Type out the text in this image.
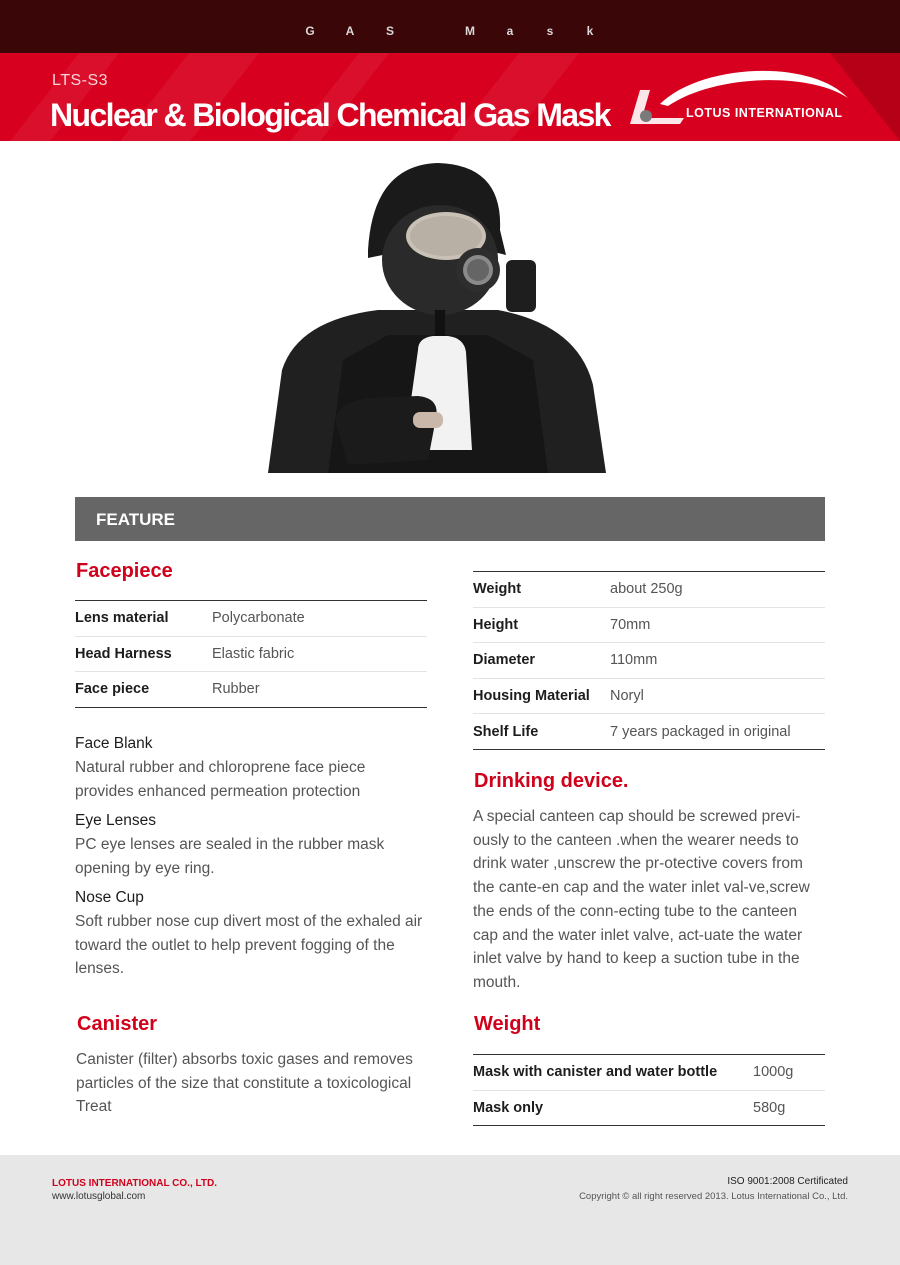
G	A	S	M	a	s	k
LTS-S3
Nuclear & Biological Chemical Gas Mask	LOTUS INTERNATIONAL
FEATURE
Facepiece
Lens material	Polycarbonate
Head Harness	Elastic fabric
Face piece	Rubber
Face Blank
Natural rubber and chloroprene face piece provides enhanced permeation protection
Eye Lenses
PC eye lenses are sealed in the rubber mask opening by eye ring.
Nose Cup
Soft rubber nose cup divert most of the exhaled air toward the outlet to help prevent fogging of the lenses.
Canister
Canister (filter) absorbs toxic gases and removes particles of the size that constitute a toxicological Treat
Weight	about 250g
Height	70mm
Diameter	110mm
Housing Material	Noryl
Shelf Life	7 years packaged in original
Drinking device.
A special canteen cap should be screwed previ-ously to the canteen .when the wearer needs to drink water ,unscrew the pr-otective covers from the cante-en cap and the water inlet val-ve,screw the ends of the conn-ecting tube to the canteen cap and the water inlet valve, act-uate the water inlet valve by hand to keep a suction tube in the mouth.
Weight
Mask with canister and water bottle	1000g
Mask only	580g
LOTUS INTERNATIONAL CO., LTD.
www.lotusglobal.com
ISO 9001:2008 Certificated
Copyright © all right reserved 2013. Lotus International Co., Ltd.
